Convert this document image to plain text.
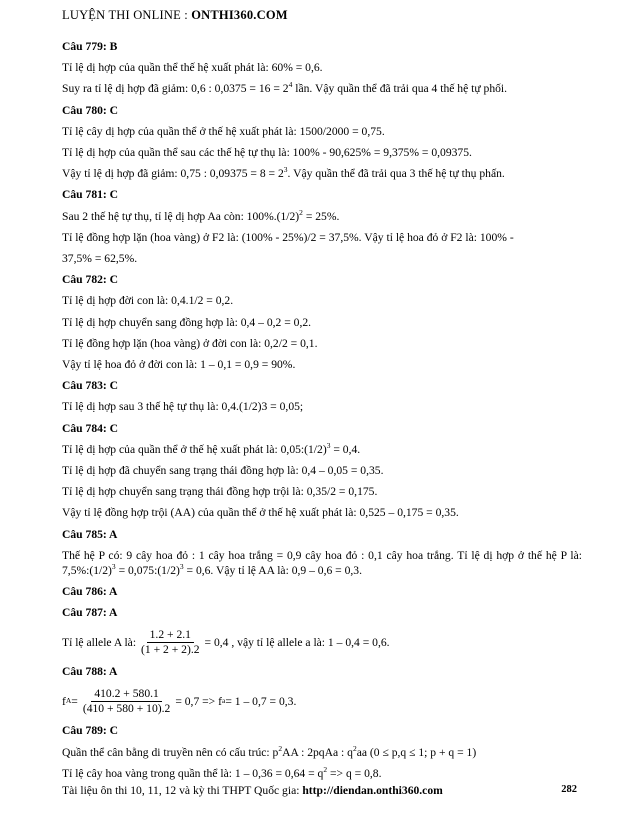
LUYỆN THI ONLINE : ONTHI360.COM
Câu 779: B
Tỉ lệ dị hợp của quần thể thế hệ xuất phát là: 60% = 0,6.
Suy ra tỉ lệ dị hợp đã giảm: 0,6 : $0,0375 = 16 = 2^4$ lần. Vậy quần thể đã trải qua 4 thế hệ tự phối.
Câu 780: C
Tỉ lệ cây dị hợp của quần thể ở thế hệ xuất phát là: 1500/2000 = 0,75.
Tỉ lệ dị hợp của quần thể sau các thế hệ tự thụ là: 100% - 90,625% = 9,375% = 0,09375.
Vậy tỉ lệ dị hợp đã giảm: 0,75 : $0,09375 = 8 = 2^3$. Vậy quần thể đã trải qua 3 thế hệ tự thụ phấn.
Câu 781: C
Sau 2 thế hệ tự thụ, tỉ lệ dị hợp Aa còn: $100\%.(1/2)^2 = 25\%$.
Tỉ lệ đồng hợp lặn (hoa vàng) ở F2 là: (100% - 25%)/2 = 37,5%. Vậy tỉ lệ hoa đỏ ở F2 là: 100% -
37,5% = 62,5%.
Câu 782: C
Tỉ lệ dị hợp đời con là: 0,4.1/2 = 0,2.
Tỉ lệ dị hợp chuyển sang đồng hợp là: 0,4 – 0,2 = 0,2.
Tỉ lệ đồng hợp lặn (hoa vàng) ở đời con là: 0,2/2 = 0,1.
Vậy tỉ lệ hoa đỏ ở đời con là: 1 – 0,1 = 0,9 = 90%.
Câu 783: C
Tỉ lệ dị hợp sau 3 thế hệ tự thụ là: 0,4.(1/2)3 = 0,05;
Câu 784: C
Tỉ lệ dị hợp của quần thể ở thế hệ xuất phát là: $0,05:(1/2)^3 = 0,4$.
Tỉ lệ dị hợp đã chuyển sang trạng thái đồng hợp là: 0,4 – 0,05 = 0,35.
Tỉ lệ dị hợp chuyển sang trạng thái đồng hợp trội là: 0,35/2 = 0,175.
Vậy tỉ lệ đồng hợp trội (AA) của quần thể ở thế hệ xuất phát là: 0,525 – 0,175 = 0,35.
Câu 785: A
Thế hệ P có: 9 cây hoa đỏ : 1 cây hoa trắng = 0,9 cây hoa đỏ : 0,1 cây hoa trắng. Tỉ lệ dị hợp ở thế hệ P là: $7,5\%:(1/2)^3$ = $0,075:(1/2)^3 = 0,6$. Vậy tỉ lệ AA là: 0,9 – 0,6 = 0,3.
Câu 786: A
Câu 787: A
Tỉ lệ allele A là: $\frac{1.2 + 2.1}{(1 + 2 + 2).2} = 0,4$ , vậy tỉ lệ allele a là: 1 – 0,4 = 0,6.
Câu 788: A
f $A = \frac{410.2 + 580.1}{(410 + 580 + 10).2} = 0,7 => f$ a = 1 – 0,7 = 0,3.
Câu 789: C
Quần thể cân bằng di truyền nên có cấu trúc: $p^2AA$ : 2pqAa : $q^2aa$ (0 ≤ p,q ≤ 1; p + q = 1)
Tỉ lệ cây hoa vàng trong quần thể là: $1 - 0,36 = 0,64 = q^2 => q = 0,8$.
Tài liệu ôn thi 10, 11, 12 và kỳ thi THPT Quốc gia: http://diendan.onthi360.com	282
